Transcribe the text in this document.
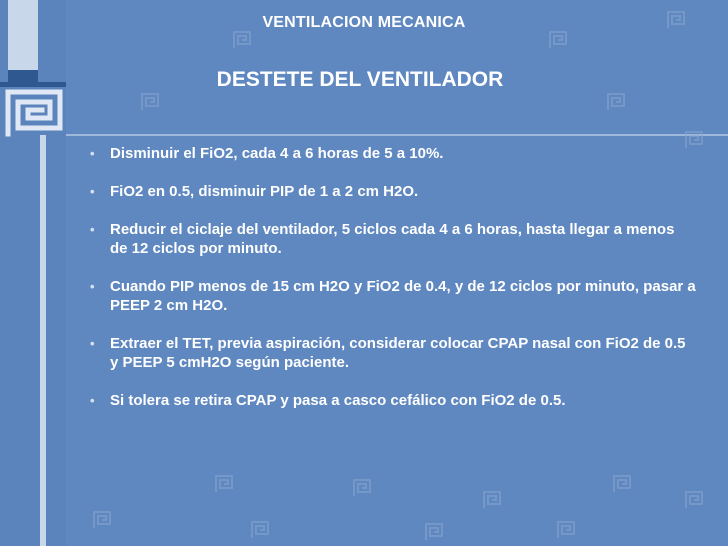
VENTILACION MECANICA
DESTETE DEL VENTILADOR
• Disminuir el FiO2, cada 4 a 6 horas de 5 a 10%.
• FiO2 en 0.5, disminuir PIP de 1 a 2 cm H2O.
• Reducir el ciclaje del ventilador, 5 ciclos cada 4 a 6 horas, hasta llegar a menos de 12 ciclos por minuto.
• Cuando PIP menos de 15 cm H2O y FiO2 de 0.4, y de 12 ciclos por minuto, pasar a PEEP 2 cm H2O.
• Extraer el TET, previa aspiración, considerar colocar CPAP nasal con FiO2 de 0.5 y PEEP 5 cmH2O según paciente.
• Si tolera se retira CPAP y pasa a casco cefálico con FiO2 de 0.5.
